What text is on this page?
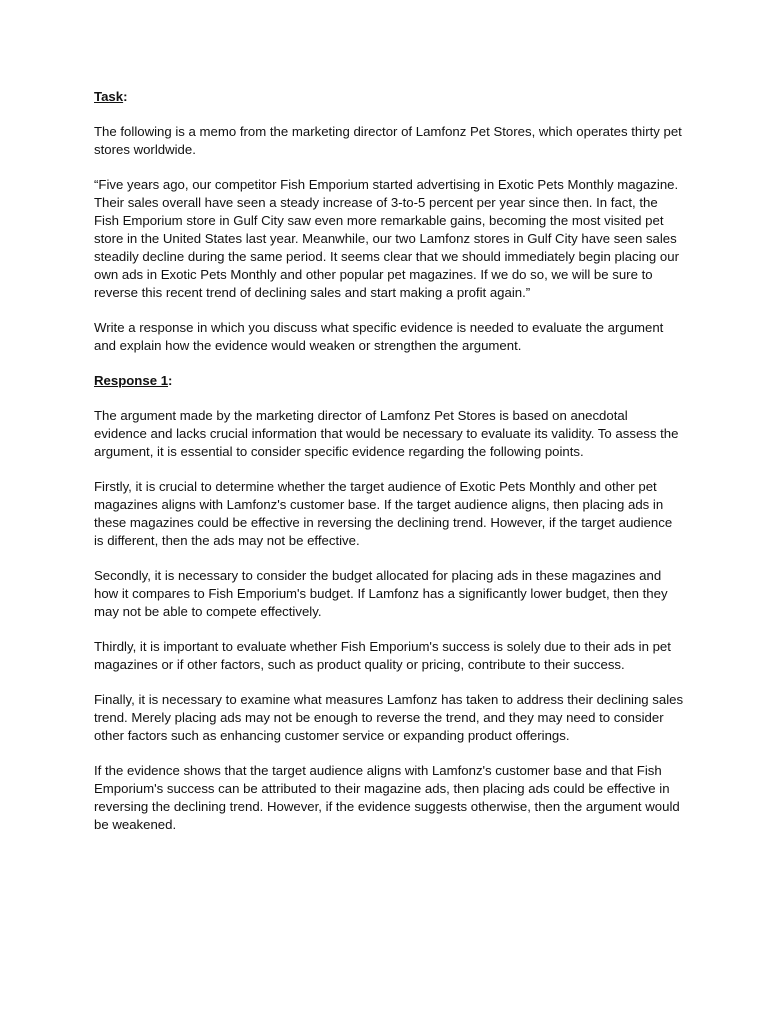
Task:

The following is a memo from the marketing director of Lamfonz Pet Stores, which operates thirty pet stores worldwide.

“Five years ago, our competitor Fish Emporium started advertising in Exotic Pets Monthly magazine. Their sales overall have seen a steady increase of 3-to-5 percent per year since then. In fact, the Fish Emporium store in Gulf City saw even more remarkable gains, becoming the most visited pet store in the United States last year. Meanwhile, our two Lamfonz stores in Gulf City have seen sales steadily decline during the same period. It seems clear that we should immediately begin placing our own ads in Exotic Pets Monthly and other popular pet magazines. If we do so, we will be sure to reverse this recent trend of declining sales and start making a profit again.”

Write a response in which you discuss what specific evidence is needed to evaluate the argument and explain how the evidence would weaken or strengthen the argument.

Response 1:

The argument made by the marketing director of Lamfonz Pet Stores is based on anecdotal evidence and lacks crucial information that would be necessary to evaluate its validity. To assess the argument, it is essential to consider specific evidence regarding the following points.

Firstly, it is crucial to determine whether the target audience of Exotic Pets Monthly and other pet magazines aligns with Lamfonz's customer base. If the target audience aligns, then placing ads in these magazines could be effective in reversing the declining trend. However, if the target audience is different, then the ads may not be effective.

Secondly, it is necessary to consider the budget allocated for placing ads in these magazines and how it compares to Fish Emporium's budget. If Lamfonz has a significantly lower budget, then they may not be able to compete effectively.

Thirdly, it is important to evaluate whether Fish Emporium's success is solely due to their ads in pet magazines or if other factors, such as product quality or pricing, contribute to their success.

Finally, it is necessary to examine what measures Lamfonz has taken to address their declining sales trend. Merely placing ads may not be enough to reverse the trend, and they may need to consider other factors such as enhancing customer service or expanding product offerings.

If the evidence shows that the target audience aligns with Lamfonz's customer base and that Fish Emporium's success can be attributed to their magazine ads, then placing ads could be effective in reversing the declining trend. However, if the evidence suggests otherwise, then the argument would be weakened.
